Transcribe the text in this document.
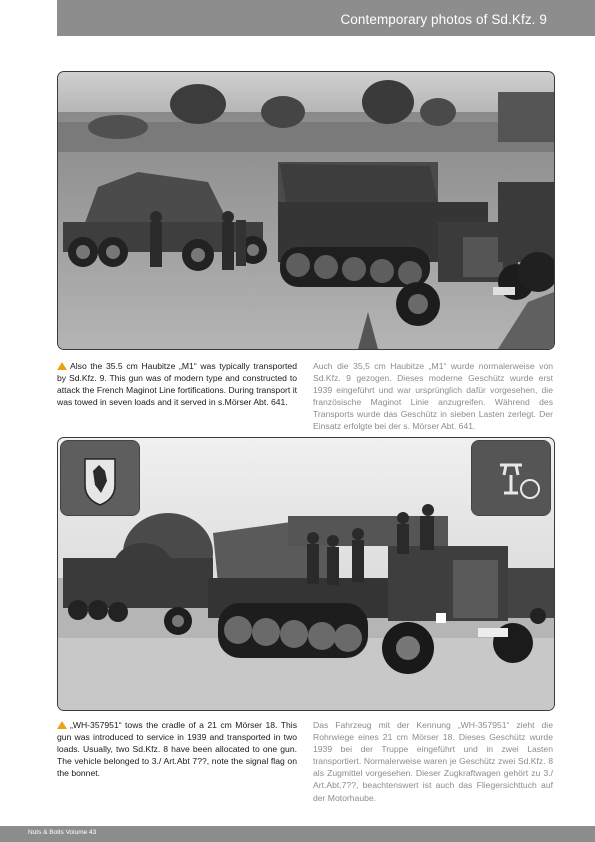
Contemporary photos of Sd.Kfz. 9
Also the 35.5 cm Haubitze „M1“ was typically transported by Sd.Kfz. 9. This gun was of modern type and constructed to attack the French Maginot Line fortifications. During transport it was towed in seven loads and it served in s.Mörser Abt. 641.
Auch die 35,5 cm Haubitze „M1“ wurde normalerweise von Sd.Kfz. 9 gezogen. Dieses moderne Geschütz wurde erst 1939 eingeführt und war ursprünglich dafür vorgesehen, die französische Maginot Linie anzugreifen. Während des Transports wurde das Geschütz in sieben Lasten zerlegt. Der Einsatz erfolgte bei der s. Mörser Abt. 641.
„WH-357951“ tows the cradle of a 21 cm Mörser 18. This gun was introduced to service in 1939 and transported in two loads. Usually, two Sd.Kfz. 8 have been allocated to one gun. The vehicle belonged to 3./ Art.Abt 7??, note the signal flag on the bonnet.
Das Fahrzeug mit der Kennung „WH-357951“ zieht die Rohrwiege eines 21 cm Mörser 18. Dieses Geschütz wurde 1939 bei der Truppe eingeführt und in zwei Lasten transportiert. Normalerweise waren je Geschütz zwei Sd.Kfz. 8 als Zugmittel vorgesehen. Dieser Zugkraftwagen gehört zu 3./ Art.Abt.7??, beachtenswert ist auch das Fliegersichttuch auf der Motorhaube.
Nuts & Bolts Volume 43
